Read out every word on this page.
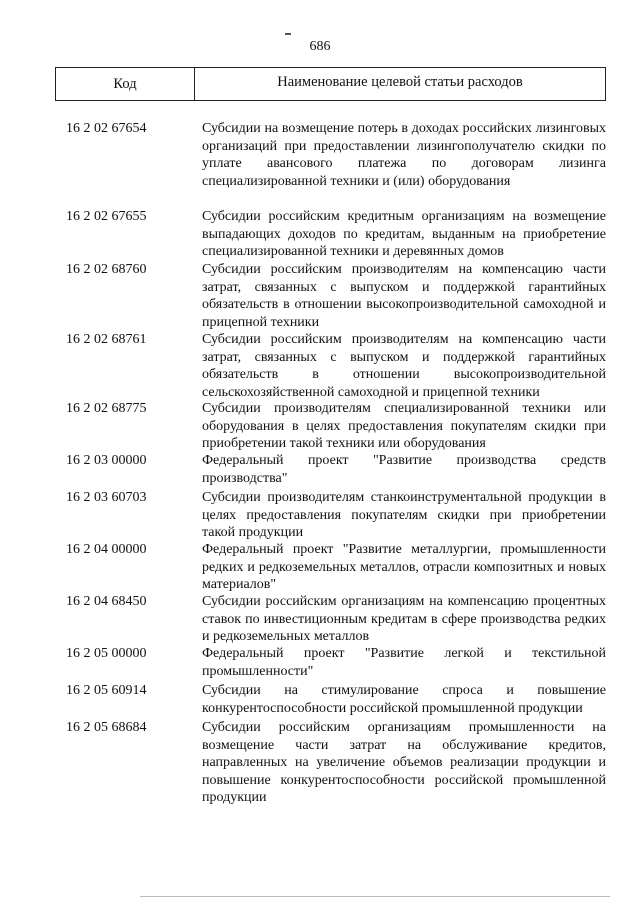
686
Код	Наименование целевой статьи расходов
16 2 02 67654	Субсидии на возмещение потерь в доходах российских лизинговых организаций при предоставлении лизингополучателю скидки по уплате авансового платежа по договорам лизинга специализированной техники и (или) оборудования
16 2 02 67655	Субсидии российским кредитным организациям на возмещение выпадающих доходов по кредитам, выданным на приобретение специализированной техники и деревянных домов
16 2 02 68760	Субсидии российским производителям на компенсацию части затрат, связанных с выпуском и поддержкой гарантийных обязательств в отношении высокопроизводительной самоходной и прицепной техники
16 2 02 68761	Субсидии российским производителям на компенсацию части затрат, связанных с выпуском и поддержкой гарантийных обязательств в отношении высокопроизводительной сельскохозяйственной самоходной и прицепной техники
16 2 02 68775	Субсидии производителям специализированной техники или оборудования в целях предоставления покупателям скидки при приобретении такой техники или оборудования
16 2 03 00000	Федеральный проект "Развитие производства средств производства"
16 2 03 60703	Субсидии производителям станкоинструментальной продукции в целях предоставления покупателям скидки при приобретении такой продукции
16 2 04 00000	Федеральный проект "Развитие металлургии, промышленности редких и редкоземельных металлов, отрасли композитных и новых материалов"
16 2 04 68450	Субсидии российским организациям на компенсацию процентных ставок по инвестиционным кредитам в сфере производства редких и редкоземельных металлов
16 2 05 00000	Федеральный проект "Развитие легкой и текстильной промышленности"
16 2 05 60914	Субсидии на стимулирование спроса и повышение конкурентоспособности российской промышленной продукции
16 2 05 68684	Субсидии российским организациям промышленности на возмещение части затрат на обслуживание кредитов, направленных на увеличение объемов реализации продукции и повышение конкурентоспособности российской промышленной продукции
